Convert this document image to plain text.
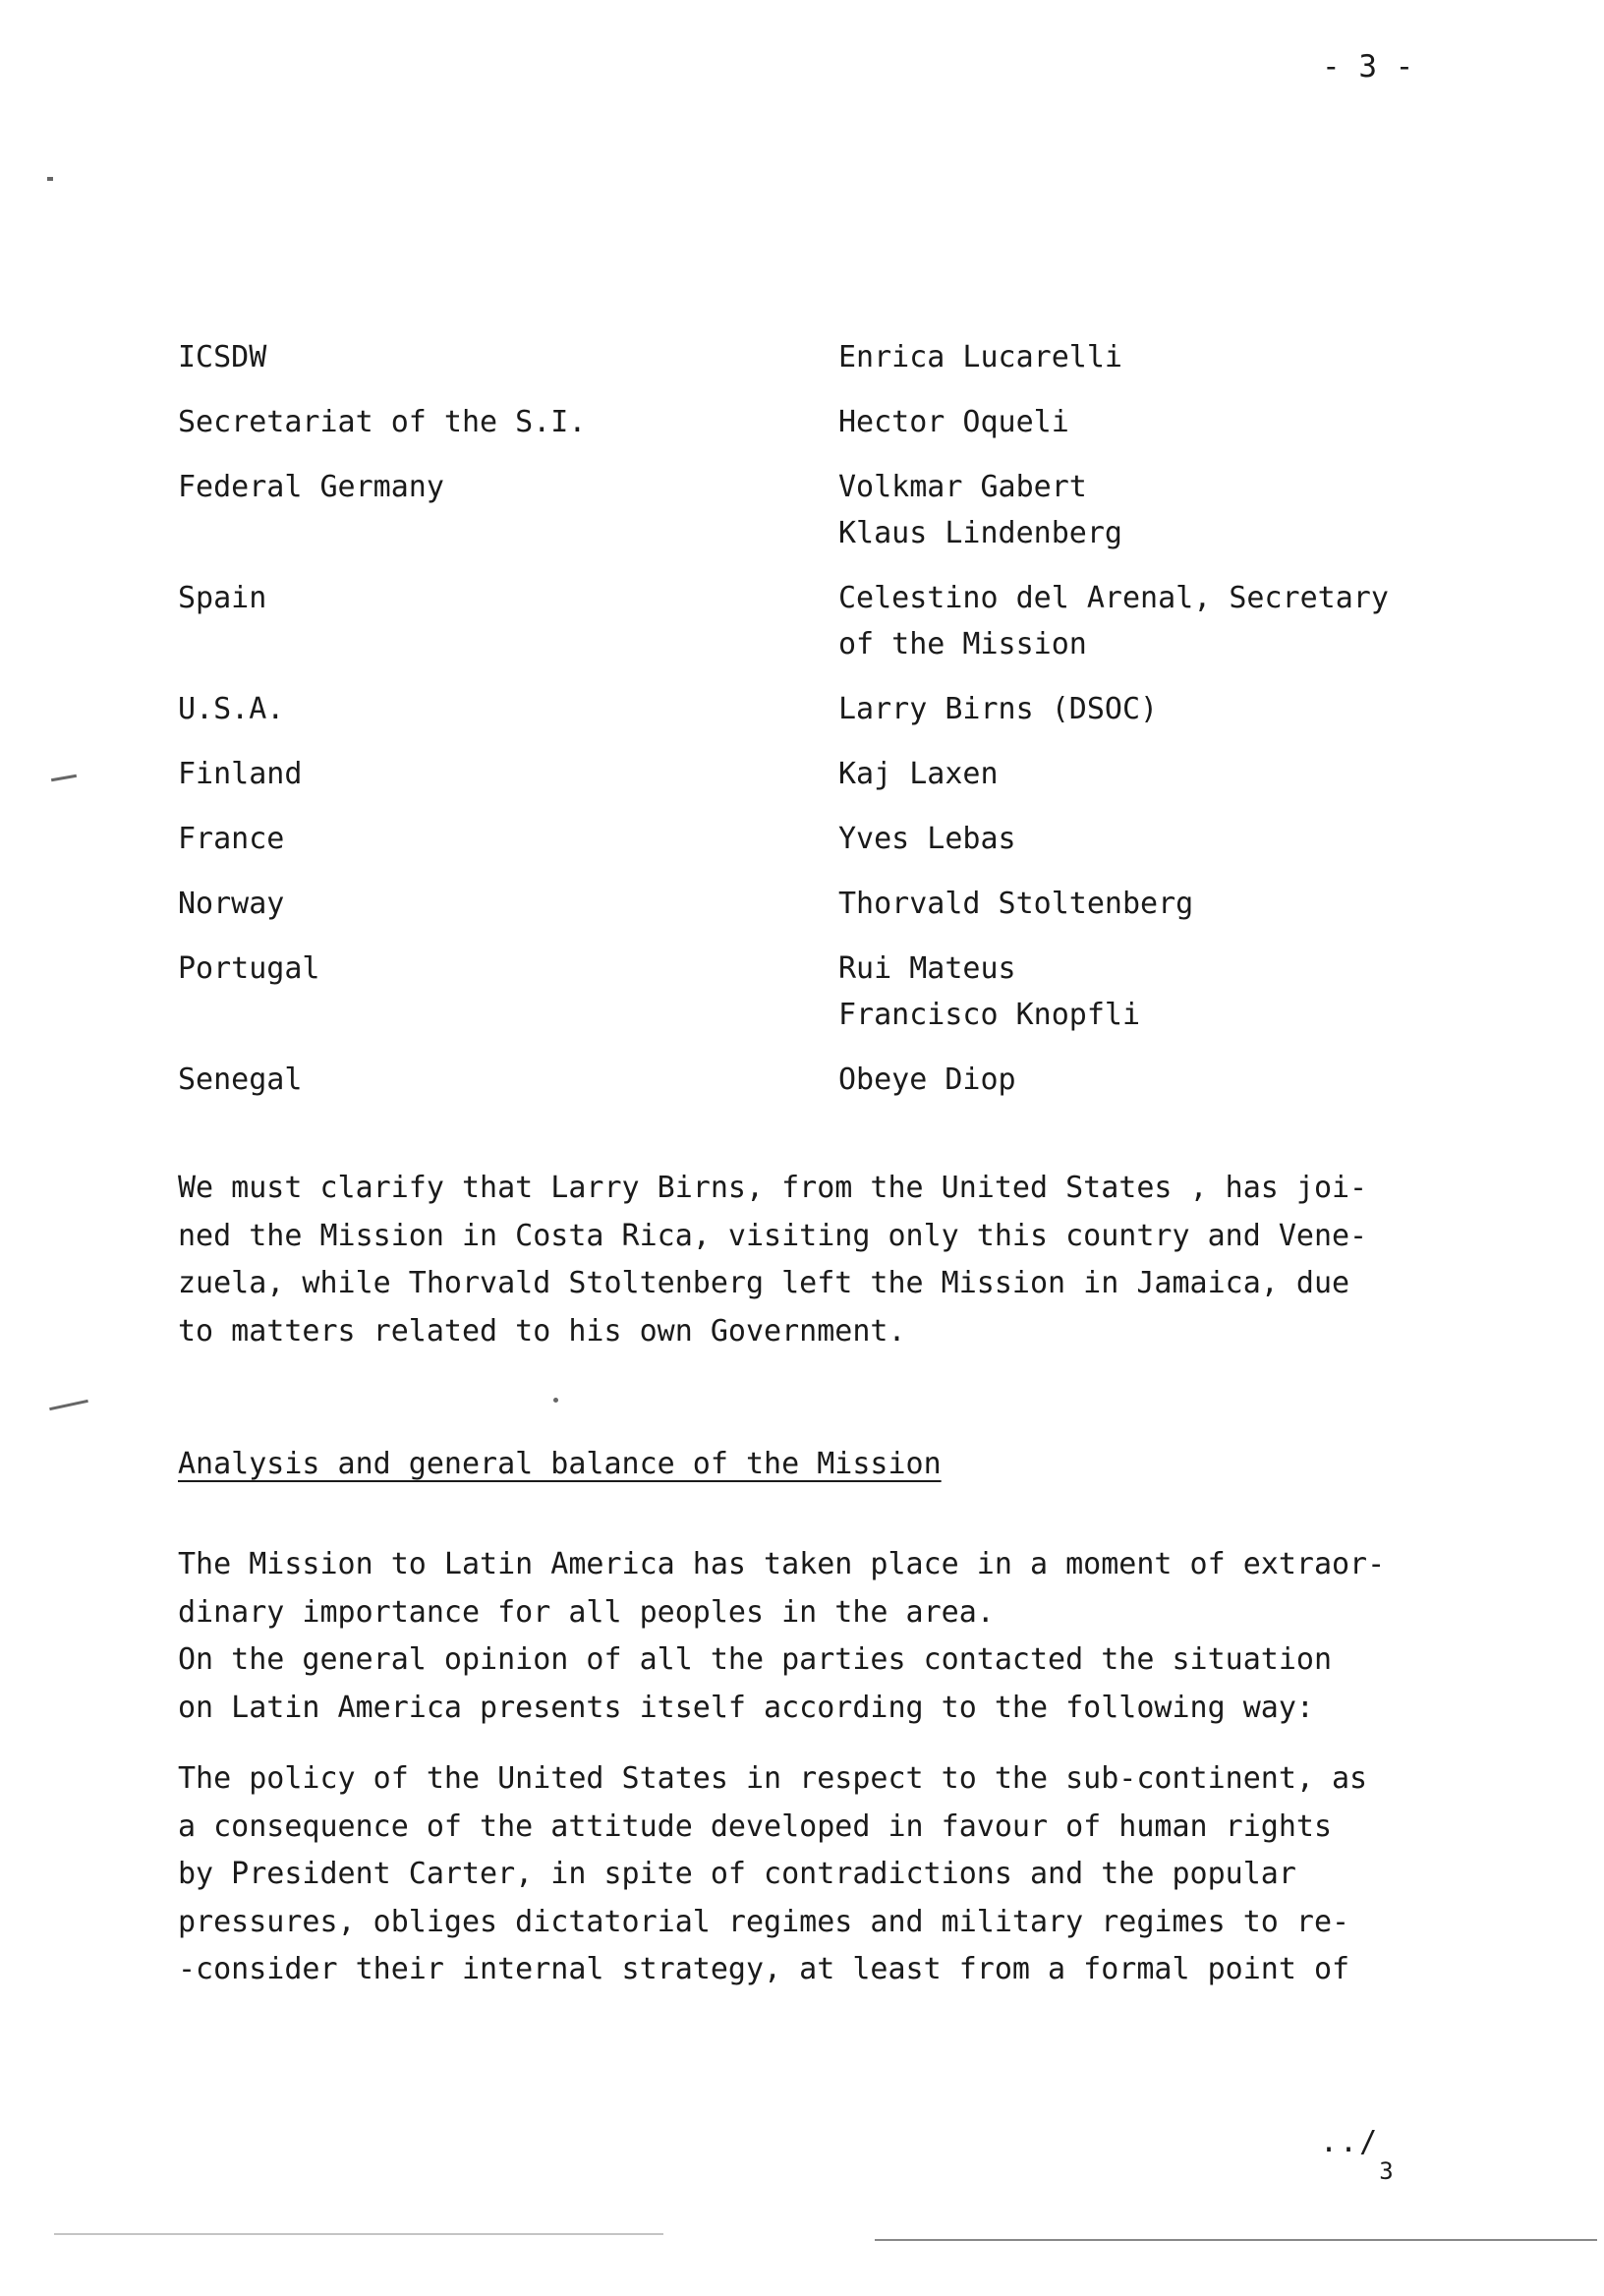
- 3 -
ICSDW	Enrica Lucarelli
Secretariat of the S.I.	Hector Oqueli
Federal Germany	Volkmar Gabert
Klaus Lindenberg
Spain	Celestino del Arenal, Secretary
of the Mission
U.S.A.	Larry Birns (DSOC)
Finland	Kaj Laxen
France	Yves Lebas
Norway	Thorvald Stoltenberg
Portugal	Rui Mateus
Francisco Knopfli
Senegal	Obeye Diop
We must clarify that Larry Birns, from the United States , has joi-
ned the Mission in Costa Rica, visiting only this country and Vene-
zuela, while Thorvald Stoltenberg left the Mission in Jamaica, due
to matters related to his own Government.
Analysis and general balance of the Mission
The Mission to Latin America has taken place in a moment of extraor-
dinary importance for all peoples in the area.
On the general opinion of all the parties contacted the situation
on Latin America presents itself according to the following way:
The policy of the United States in respect to the sub-continent, as
a consequence of the attitude developed in favour of human rights
by President Carter, in spite of contradictions and the popular
pressures, obliges dictatorial regimes and military regimes to re-
-consider their internal strategy, at least from a formal point of
$../_3$
